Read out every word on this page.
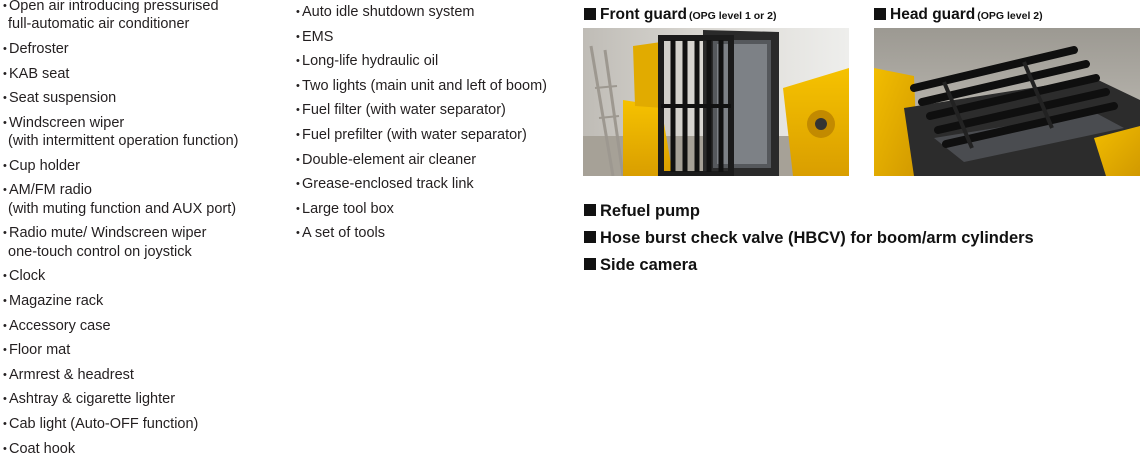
• Open air introducing pressurised
full-automatic air conditioner
• Defroster
• KAB seat
• Seat suspension
• Windscreen wiper
(with intermittent operation function)
• Cup holder
• AM/FM radio
(with muting function and AUX port)
• Radio mute/ Windscreen wiper
one-touch control on joystick
• Clock
• Magazine rack
• Accessory case
• Floor mat
• Armrest & headrest
• Ashtray & cigarette lighter
• Cab light (Auto-OFF function)
• Coat hook
• Auto idle shutdown system
• EMS
• Long-life hydraulic oil
• Two lights (main unit and left of boom)
• Fuel filter (with water separator)
• Fuel prefilter (with water separator)
• Double-element air cleaner
• Grease-enclosed track link
• Large tool box
• A set of tools
Front guard (OPG level 1 or 2)	Head guard (OPG level 2)
Refuel pump
Hose burst check valve (HBCV) for boom/arm cylinders
Side camera
